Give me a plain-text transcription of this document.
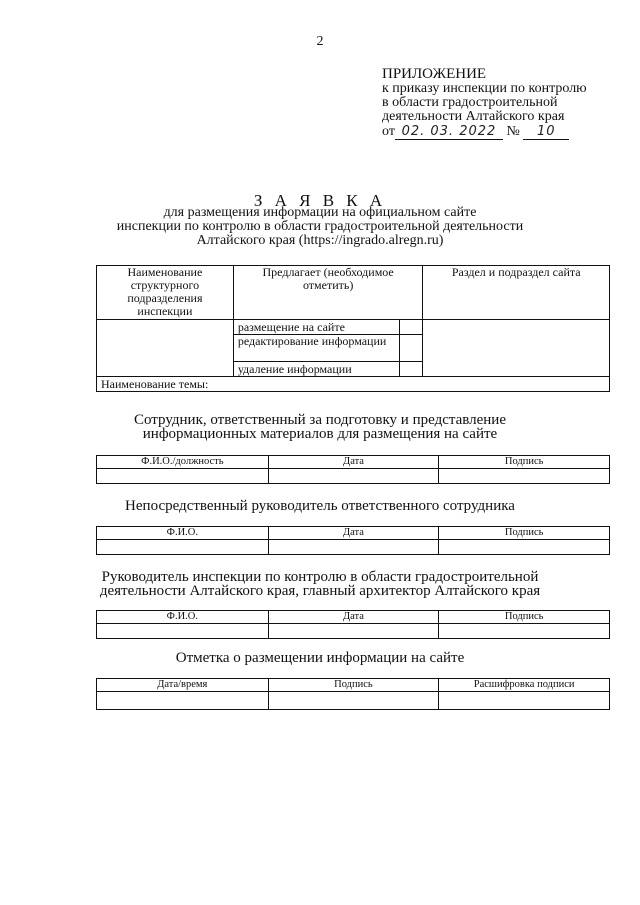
2
ПРИЛОЖЕНИЕ
к приказу инспекции по контролю
в области градостроительной
деятельности Алтайского края
от 02. 03. 2022 № 10
З А Я В К А
для размещения информации на официальном сайте
инспекции по контролю в области градостроительной деятельности
Алтайского края (https://ingrado.alregn.ru)
Наименование структурного подразделения инспекции	Предлагает (необходимое отметить)		Раздел и подраздел сайта
	размещение на сайте		
	редактирование информации		
	удаление информации		
Наименование темы:			
Сотрудник, ответственный за подготовку и представление
информационных материалов для размещения на сайте
Ф.И.О./должность	Дата	Подпись

Непосредственный руководитель ответственного сотрудника
Ф.И.О.	Дата	Подпись

Руководитель инспекции по контролю в области градостроительной
деятельности Алтайского края, главный архитектор Алтайского края
Ф.И.О.	Дата	Подпись

Отметка о размещении информации на сайте
Дата/время	Подпись	Расшифровка подписи
